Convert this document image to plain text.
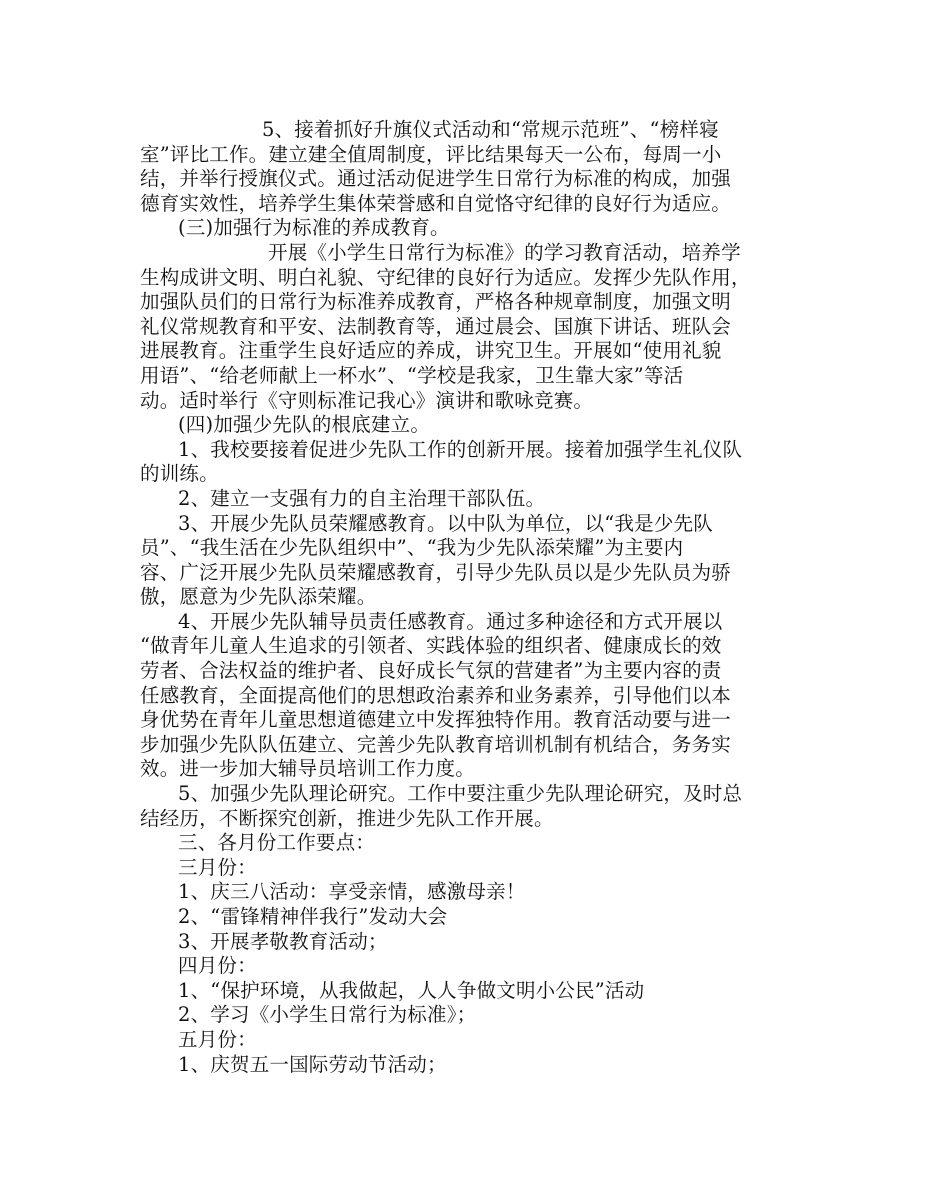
5、接着抓好升旗仪式活动和“常规示范班”、“榜样寝
室”评比工作。建立建全值周制度，评比结果每天一公布，每周一小
结，并举行授旗仪式。通过活动促进学生日常行为标准的构成，加强
德育实效性，培养学生集体荣誉感和自觉恪守纪律的良好行为适应。
(三)加强行为标准的养成教育。
开展《小学生日常行为标准》的学习教育活动，培养学
生构成讲文明、明白礼貌、守纪律的良好行为适应。发挥少先队作用，
加强队员们的日常行为标准养成教育，严格各种规章制度，加强文明
礼仪常规教育和平安、法制教育等，通过晨会、国旗下讲话、班队会
进展教育。注重学生良好适应的养成，讲究卫生。开展如“使用礼貌
用语”、“给老师献上一杯水”、“学校是我家，卫生靠大家”等活
动。适时举行《守则标准记我心》演讲和歌咏竞赛。
(四)加强少先队的根底建立。
1、我校要接着促进少先队工作的创新开展。接着加强学生礼仪队
的训练。
2、建立一支强有力的自主治理干部队伍。
3、开展少先队员荣耀感教育。以中队为单位，以“我是少先队
员”、“我生活在少先队组织中”、“我为少先队添荣耀”为主要内
容、广泛开展少先队员荣耀感教育，引导少先队员以是少先队员为骄
傲，愿意为少先队添荣耀。
4、开展少先队辅导员责任感教育。通过多种途径和方式开展以
“做青年儿童人生追求的引领者、实践体验的组织者、健康成长的效
劳者、合法权益的维护者、良好成长气氛的营建者”为主要内容的责
任感教育，全面提高他们的思想政治素养和业务素养，引导他们以本
身优势在青年儿童思想道德建立中发挥独特作用。教育活动要与进一
步加强少先队队伍建立、完善少先队教育培训机制有机结合，务务实
效。进一步加大辅导员培训工作力度。
5、加强少先队理论研究。工作中要注重少先队理论研究，及时总
结经历，不断探究创新，推进少先队工作开展。
三、各月份工作要点：
三月份：
1、庆三八活动：享受亲情，感激母亲！
2、“雷锋精神伴我行”发动大会
3、开展孝敬教育活动；
四月份：
1、“保护环境，从我做起，人人争做文明小公民”活动
2、学习《小学生日常行为标准》；
五月份：
1、庆贺五一国际劳动节活动；
